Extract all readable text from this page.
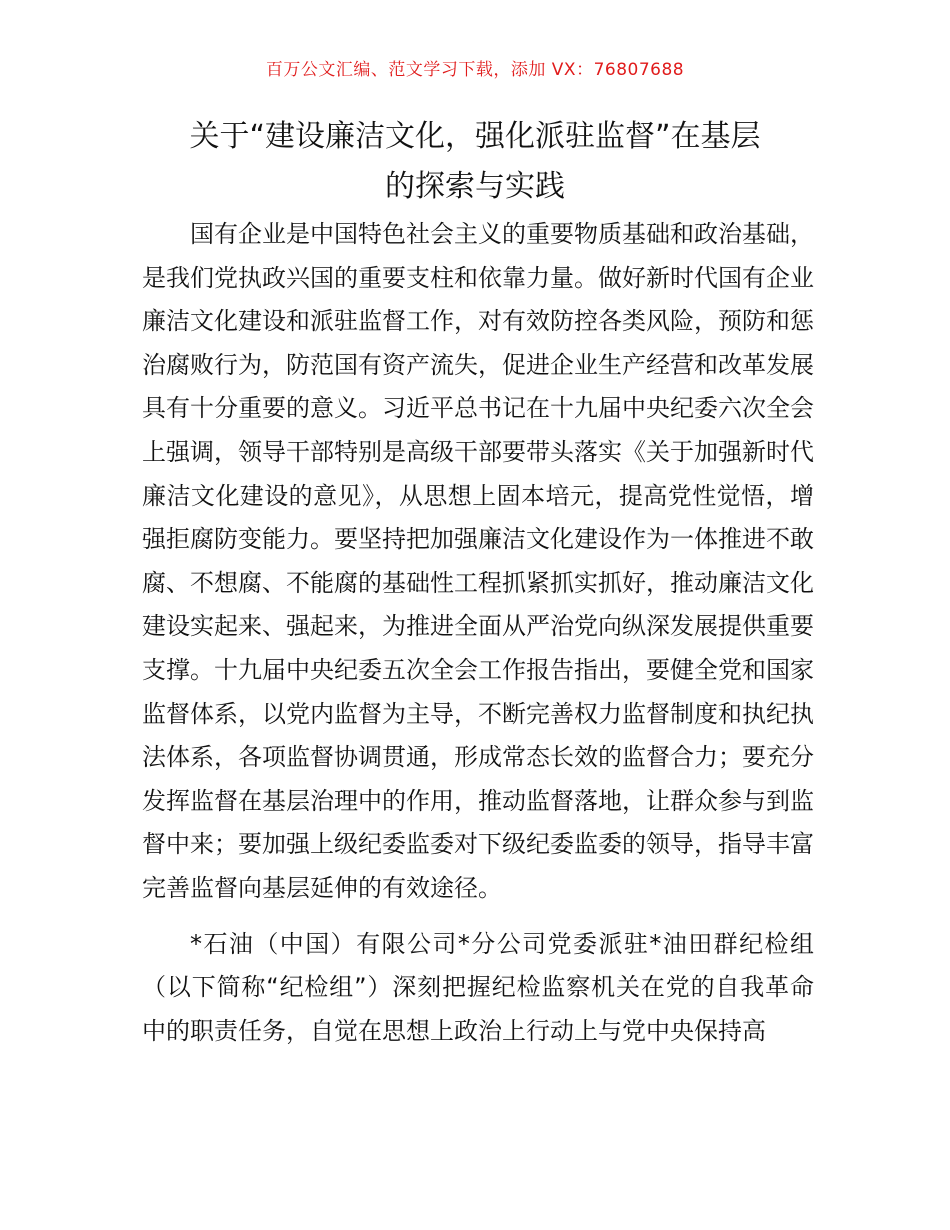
百万公文汇编、范文学习下载，添加 VX：76807688
关于“建设廉洁文化，强化派驻监督”在基层
的探索与实践

国有企业是中国特色社会主义的重要物质基础和政治基础，是我们党执政兴国的重要支柱和依靠力量。做好新时代国有企业廉洁文化建设和派驻监督工作，对有效防控各类风险，预防和惩治腐败行为，防范国有资产流失，促进企业生产经营和改革发展具有十分重要的意义。习近平总书记在十九届中央纪委六次全会上强调，领导干部特别是高级干部要带头落实《关于加强新时代廉洁文化建设的意见》，从思想上固本培元，提高党性觉悟，增强拒腐防变能力。要坚持把加强廉洁文化建设作为一体推进不敢腐、不想腐、不能腐的基础性工程抓紧抓实抓好，推动廉洁文化建设实起来、强起来，为推进全面从严治党向纵深发展提供重要支撑。十九届中央纪委五次全会工作报告指出，要健全党和国家监督体系，以党内监督为主导，不断完善权力监督制度和执纪执法体系，各项监督协调贯通，形成常态长效的监督合力；要充分发挥监督在基层治理中的作用，推动监督落地，让群众参与到监督中来；要加强上级纪委监委对下级纪委监委的领导，指导丰富完善监督向基层延伸的有效途径。

*石油（中国）有限公司*分公司党委派驻*油田群纪检组（以下简称“纪检组”）深刻把握纪检监察机关在党的自我革命中的职责任务，自觉在思想上政治上行动上与党中央保持高
